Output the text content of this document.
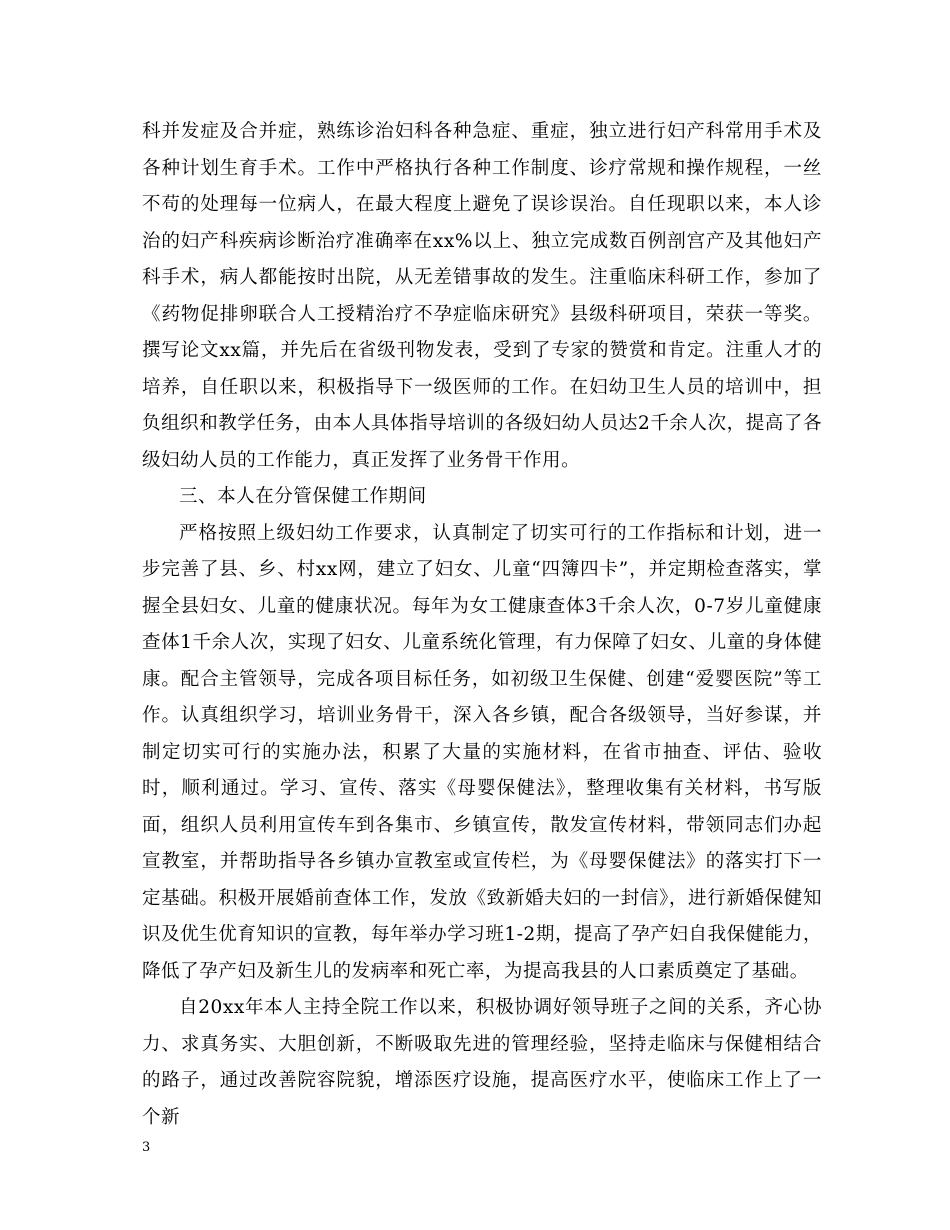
科并发症及合并症，熟练诊治妇科各种急症、重症，独立进行妇产科常用手术及各种计划生育手术。工作中严格执行各种工作制度、诊疗常规和操作规程，一丝不苟的处理每一位病人，在最大程度上避免了误诊误治。自任现职以来，本人诊治的妇产科疾病诊断治疗准确率在xx%以上、独立完成数百例剖宫产及其他妇产科手术，病人都能按时出院，从无差错事故的发生。注重临床科研工作，参加了《药物促排卵联合人工授精治疗不孕症临床研究》县级科研项目，荣获一等奖。撰写论文xx篇，并先后在省级刊物发表，受到了专家的赞赏和肯定。注重人才的培养，自任职以来，积极指导下一级医师的工作。在妇幼卫生人员的培训中，担负组织和教学任务，由本人具体指导培训的各级妇幼人员达2千余人次，提高了各级妇幼人员的工作能力，真正发挥了业务骨干作用。

三、本人在分管保健工作期间

严格按照上级妇幼工作要求，认真制定了切实可行的工作指标和计划，进一步完善了县、乡、村xx网，建立了妇女、儿童“四簿四卡”，并定期检查落实，掌握全县妇女、儿童的健康状况。每年为女工健康查体3千余人次，0-7岁儿童健康查体1千余人次，实现了妇女、儿童系统化管理，有力保障了妇女、儿童的身体健康。配合主管领导，完成各项目标任务，如初级卫生保健、创建“爱婴医院”等工作。认真组织学习，培训业务骨干，深入各乡镇，配合各级领导，当好参谋，并制定切实可行的实施办法，积累了大量的实施材料，在省市抽查、评估、验收时，顺利通过。学习、宣传、落实《母婴保健法》，整理收集有关材料，书写版面，组织人员利用宣传车到各集市、乡镇宣传，散发宣传材料，带领同志们办起宣教室，并帮助指导各乡镇办宣教室或宣传栏，为《母婴保健法》的落实打下一定基础。积极开展婚前查体工作，发放《致新婚夫妇的一封信》，进行新婚保健知识及优生优育知识的宣教，每年举办学习班1-2期，提高了孕产妇自我保健能力，降低了孕产妇及新生儿的发病率和死亡率，为提高我县的人口素质奠定了基础。

自20xx年本人主持全院工作以来，积极协调好领导班子之间的关系，齐心协力、求真务实、大胆创新，不断吸取先进的管理经验，坚持走临床与保健相结合的路子，通过改善院容院貌，增添医疗设施，提高医疗水平，使临床工作上了一个新

3
